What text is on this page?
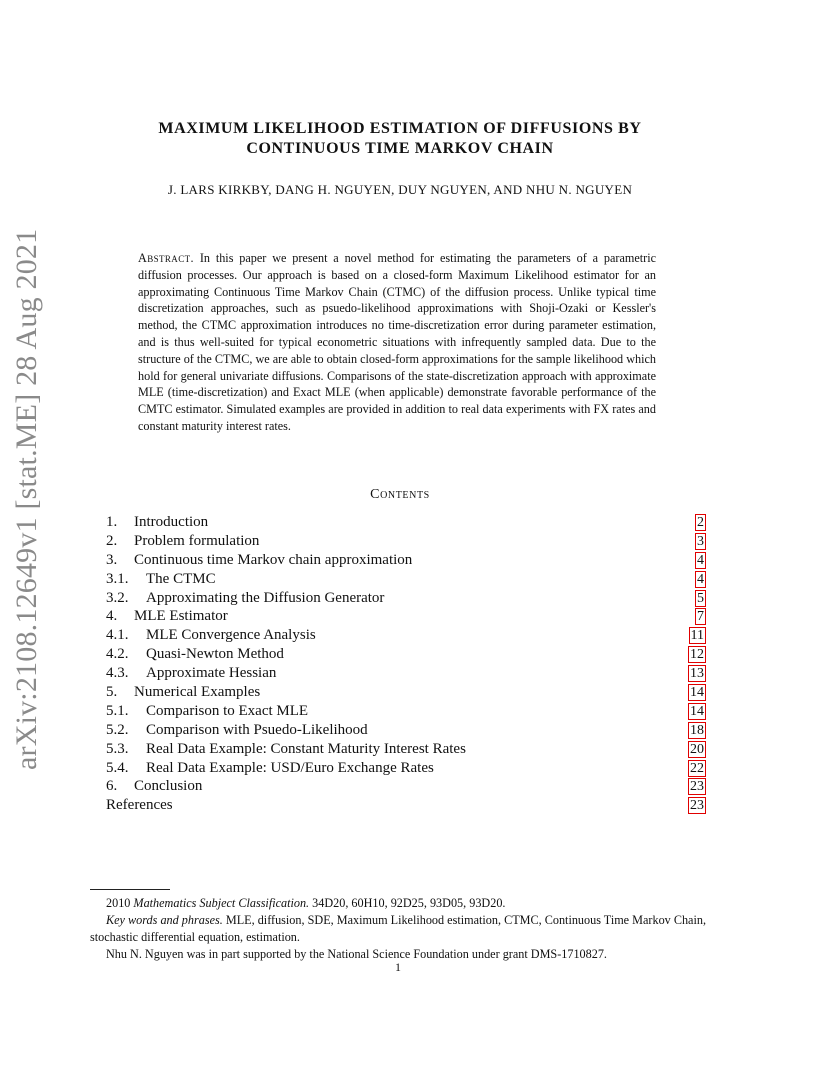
arXiv:2108.12649v1 [stat.ME] 28 Aug 2021
MAXIMUM LIKELIHOOD ESTIMATION OF DIFFUSIONS BY
CONTINUOUS TIME MARKOV CHAIN
J. LARS KIRKBY, DANG H. NGUYEN, DUY NGUYEN, AND NHU N. NGUYEN
Abstract. In this paper we present a novel method for estimating the parameters of a parametric diffusion processes. Our approach is based on a closed-form Maximum Likelihood estimator for an approximating Continuous Time Markov Chain (CTMC) of the diffusion process. Unlike typical time discretization approaches, such as psuedo-likelihood approximations with Shoji-Ozaki or Kessler's method, the CTMC approximation introduces no time-discretization error during parameter estimation, and is thus well-suited for typical econometric situations with infrequently sampled data. Due to the structure of the CTMC, we are able to obtain closed-form approximations for the sample likelihood which hold for general univariate diffusions. Comparisons of the state-discretization approach with approximate MLE (time-discretization) and Exact MLE (when applicable) demonstrate favorable performance of the CMTC estimator. Simulated examples are provided in addition to real data experiments with FX rates and constant maturity interest rates.
Contents
1. Introduction	2
2. Problem formulation	3
3. Continuous time Markov chain approximation	4
3.1. The CTMC	4
3.2. Approximating the Diffusion Generator	5
4. MLE Estimator	7
4.1. MLE Convergence Analysis	11
4.2. Quasi-Newton Method	12
4.3. Approximate Hessian	13
5. Numerical Examples	14
5.1. Comparison to Exact MLE	14
5.2. Comparison with Psuedo-Likelihood	18
5.3. Real Data Example: Constant Maturity Interest Rates	20
5.4. Real Data Example: USD/Euro Exchange Rates	22
6. Conclusion	23
References	23

2010 Mathematics Subject Classification. 34D20, 60H10, 92D25, 93D05, 93D20.

Key words and phrases. MLE, diffusion, SDE, Maximum Likelihood estimation, CTMC, Continuous Time Markov Chain, stochastic differential equation, estimation.

Nhu N. Nguyen was in part supported by the National Science Foundation under grant DMS-1710827.

1
